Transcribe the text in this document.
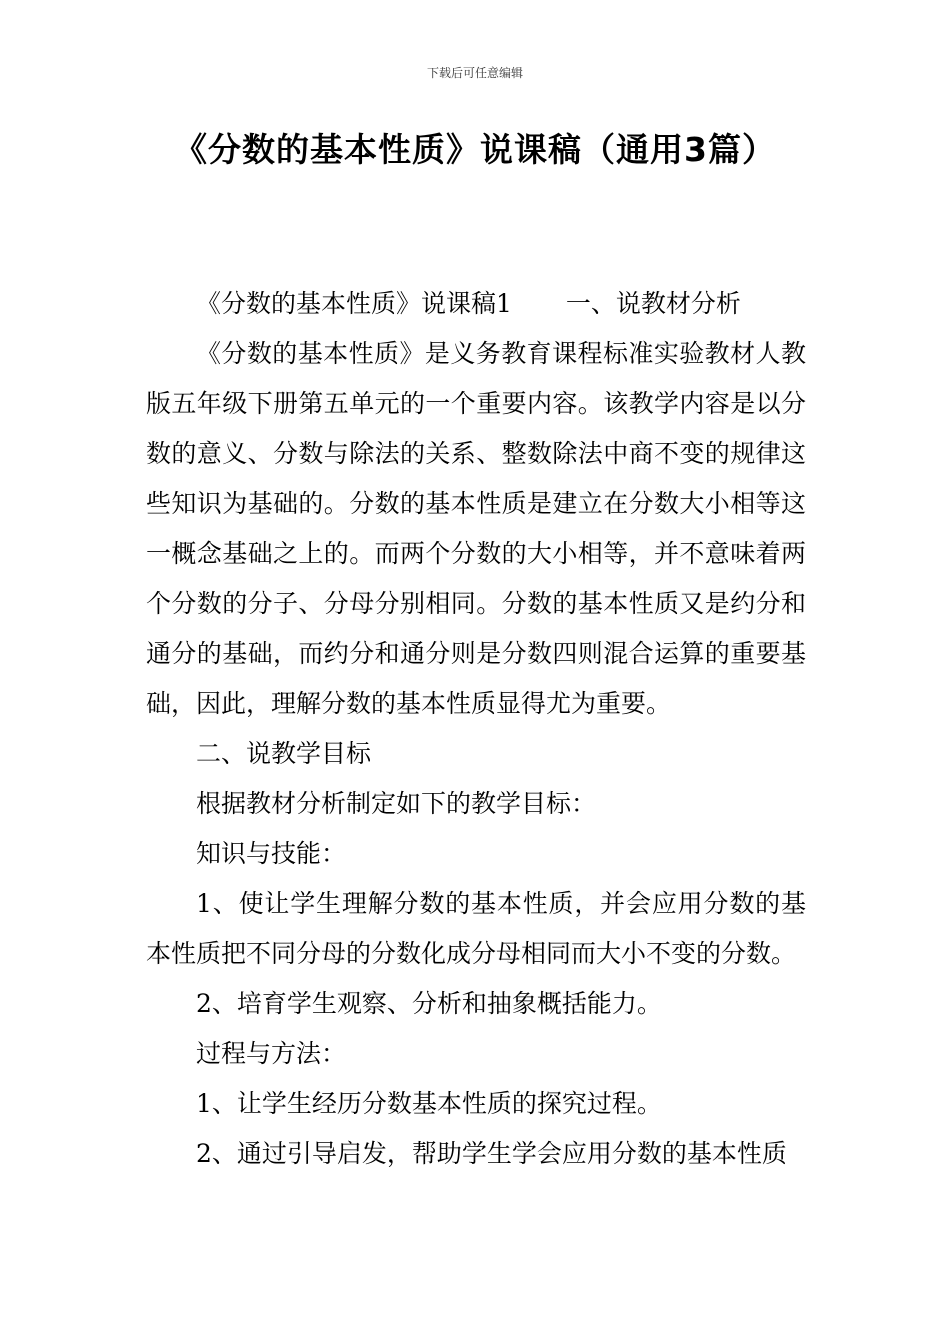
下载后可任意编辑
《分数的基本性质》说课稿（通用3篇）

《分数的基本性质》说课稿1 一、说教材分析

《分数的基本性质》是义务教育课程标准实验教材人教版五年级下册第五单元的一个重要内容。该教学内容是以分数的意义、分数与除法的关系、整数除法中商不变的规律这些知识为基础的。分数的基本性质是建立在分数大小相等这一概念基础之上的。而两个分数的大小相等，并不意味着两个分数的分子、分母分别相同。分数的基本性质又是约分和通分的基础，而约分和通分则是分数四则混合运算的重要基础，因此，理解分数的基本性质显得尤为重要。

二、说教学目标

根据教材分析制定如下的教学目标：

知识与技能：

1、使让学生理解分数的基本性质，并会应用分数的基本性质把不同分母的分数化成分母相同而大小不变的分数。

2、培育学生观察、分析和抽象概括能力。

过程与方法：

1、让学生经历分数基本性质的探究过程。

2、通过引导启发，帮助学生学会应用分数的基本性质
